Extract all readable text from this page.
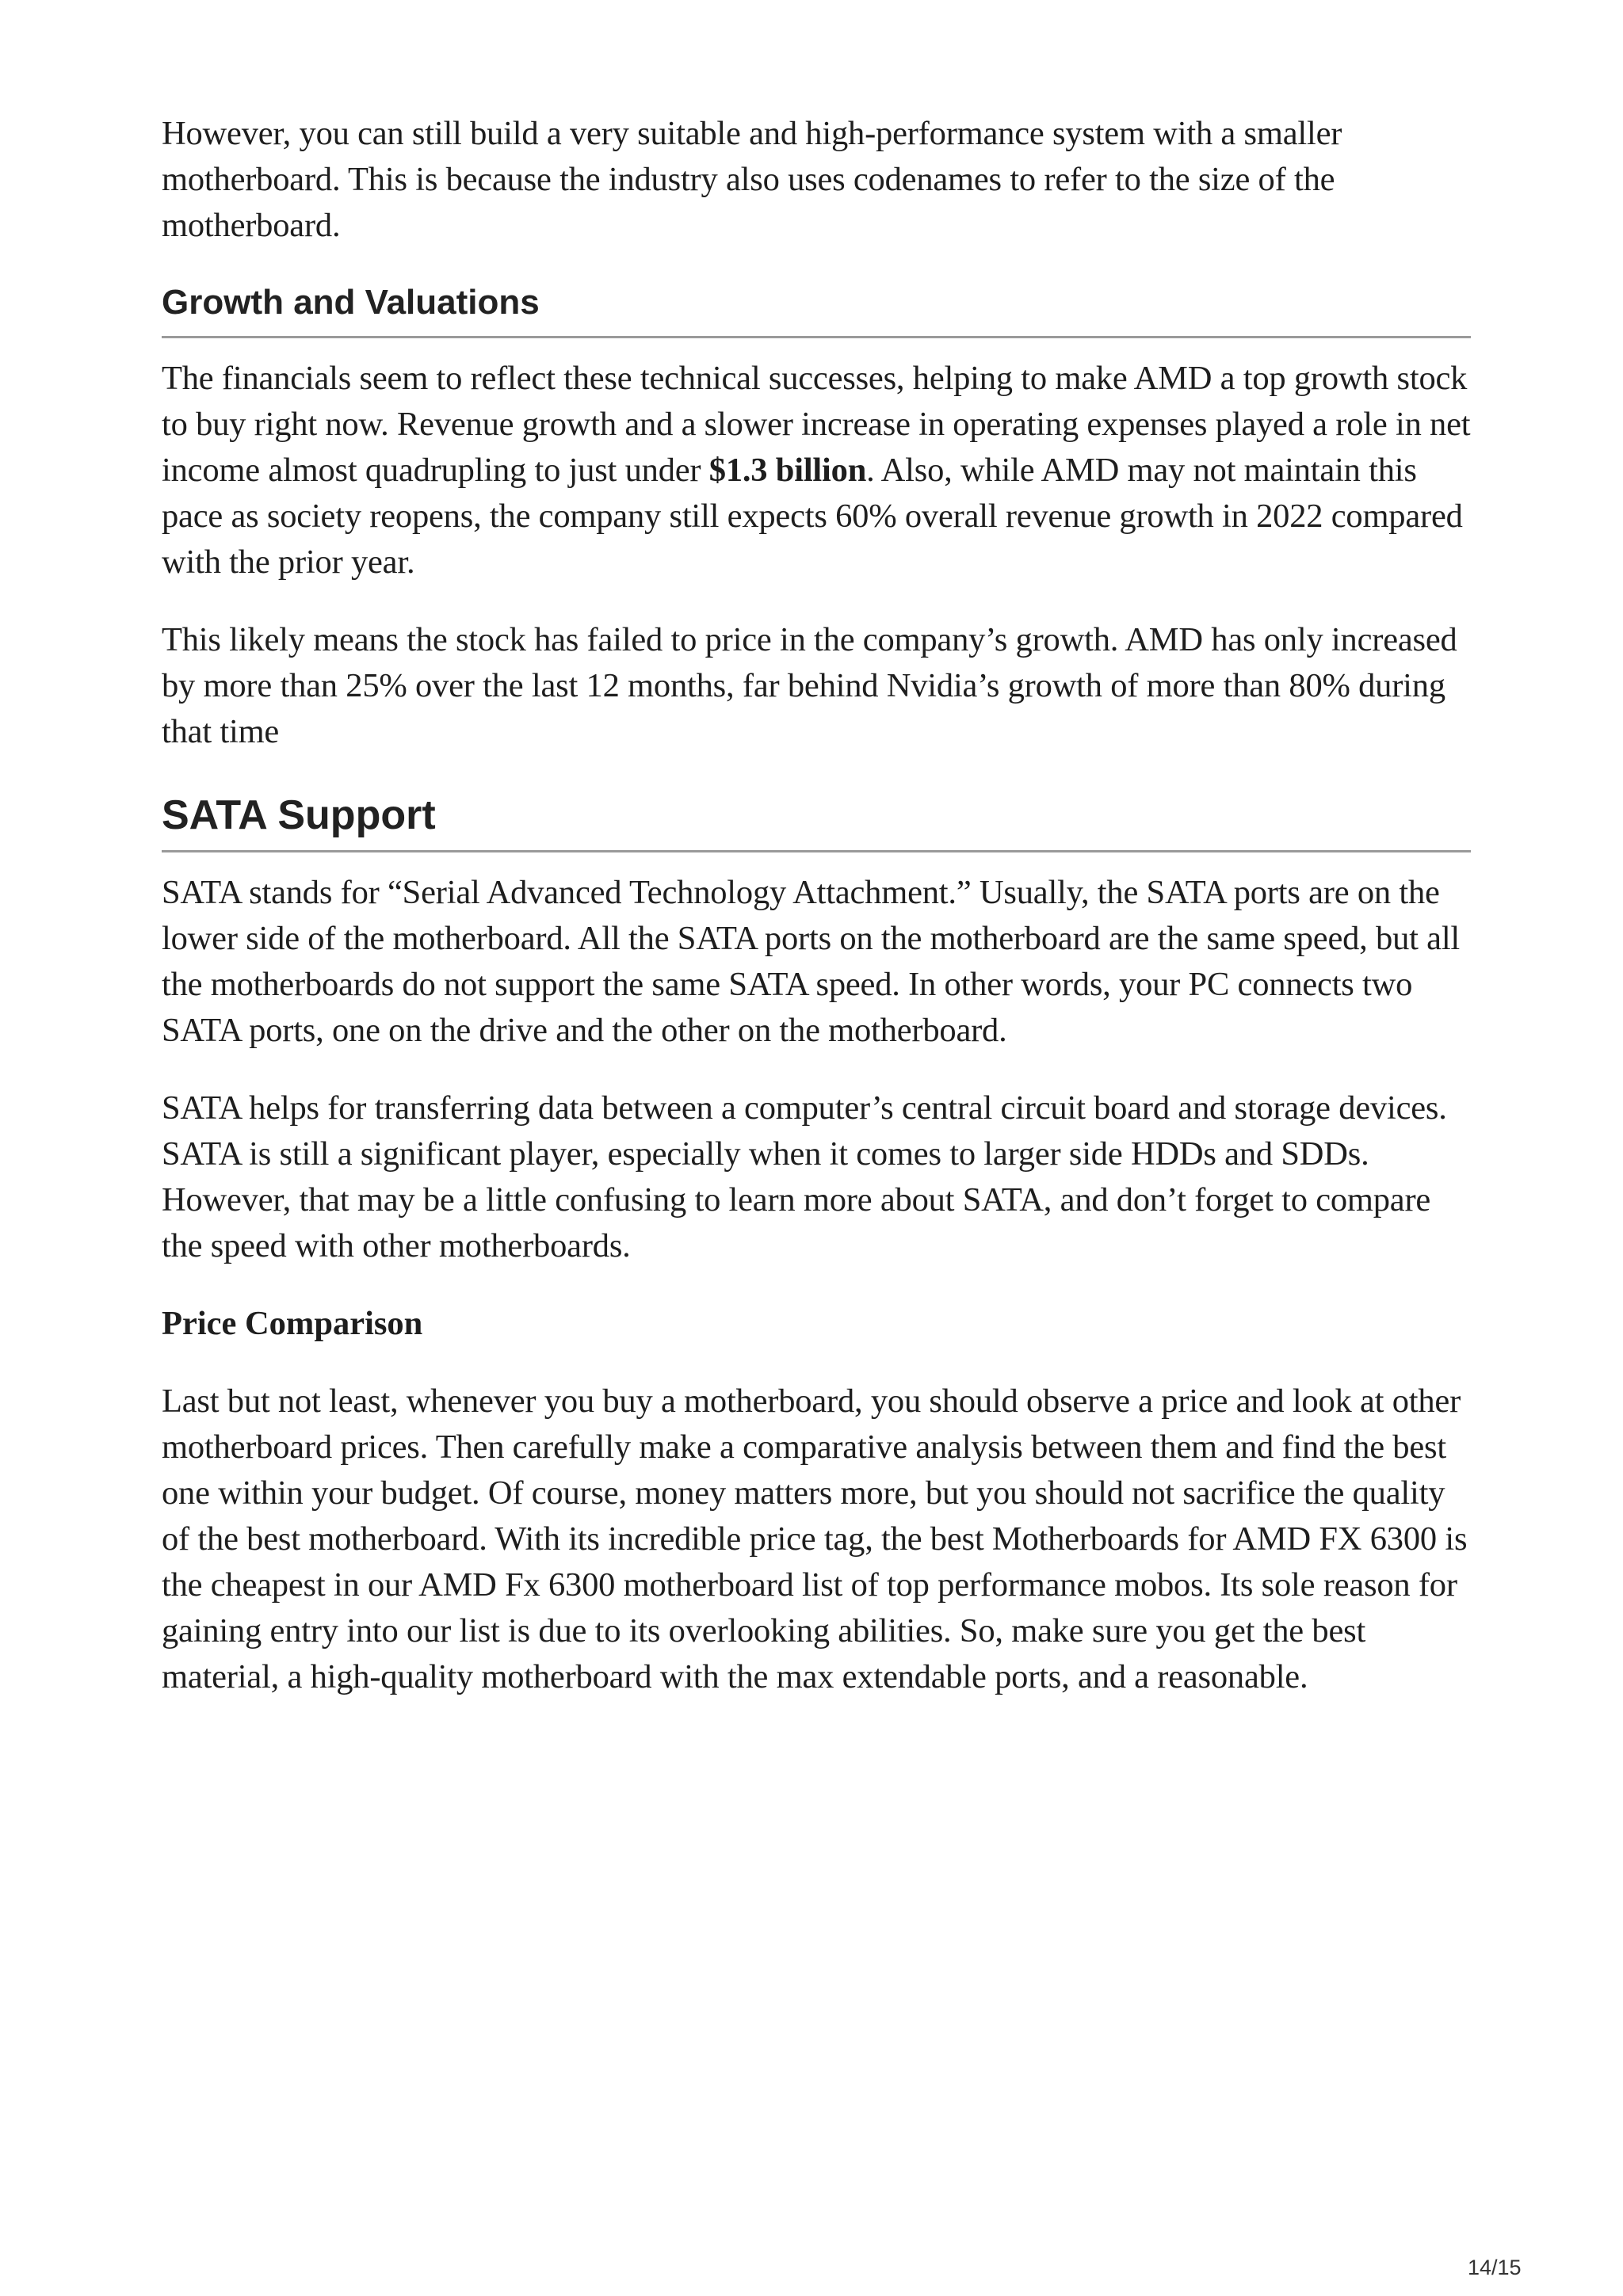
However, you can still build a very suitable and high-performance system with a smaller motherboard. This is because the industry also uses codenames to refer to the size of the motherboard.

Growth and Valuations

The financials seem to reflect these technical successes, helping to make AMD a top growth stock to buy right now. Revenue growth and a slower increase in operating expenses played a role in net income almost quadrupling to just under $1.3 billion. Also, while AMD may not maintain this pace as society reopens, the company still expects 60% overall revenue growth in 2022 compared with the prior year.

This likely means the stock has failed to price in the company’s growth. AMD has only increased by more than 25% over the last 12 months, far behind Nvidia’s growth of more than 80% during that time

SATA Support

SATA stands for “Serial Advanced Technology Attachment.” Usually, the SATA ports are on the lower side of the motherboard. All the SATA ports on the motherboard are the same speed, but all the motherboards do not support the same SATA speed. In other words, your PC connects two SATA ports, one on the drive and the other on the motherboard.

SATA helps for transferring data between a computer’s central circuit board and storage devices. SATA is still a significant player, especially when it comes to larger side HDDs and SDDs. However, that may be a little confusing to learn more about SATA, and don’t forget to compare the speed with other motherboards.

Price Comparison

Last but not least, whenever you buy a motherboard, you should observe a price and look at other motherboard prices. Then carefully make a comparative analysis between them and find the best one within your budget. Of course, money matters more, but you should not sacrifice the quality of the best motherboard. With its incredible price tag, the best Motherboards for AMD FX 6300 is the cheapest in our AMD Fx 6300 motherboard list of top performance mobos. Its sole reason for gaining entry into our list is due to its overlooking abilities. So, make sure you get the best material, a high-quality motherboard with the max extendable ports, and a reasonable.

14/15
